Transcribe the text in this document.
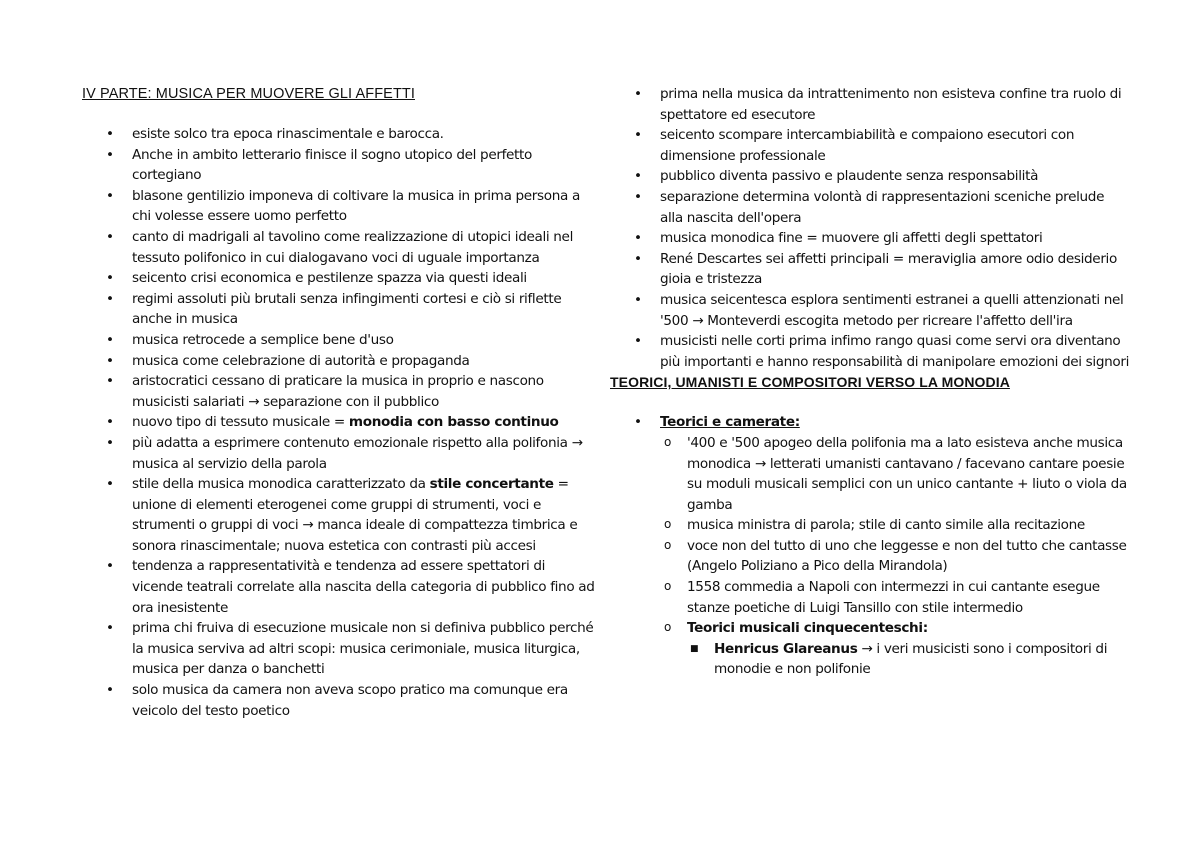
IV PARTE: MUSICA PER MUOVERE GLI AFFETTI
• esiste solco tra epoca rinascimentale e barocca.
• Anche in ambito letterario finisce il sogno utopico del perfetto cortegiano
• blasone gentilizio imponeva di coltivare la musica in prima persona a chi volesse essere uomo perfetto
• canto di madrigali al tavolino come realizzazione di utopici ideali nel tessuto polifonico in cui dialogavano voci di uguale importanza
• seicento crisi economica e pestilenze spazza via questi ideali
• regimi assoluti più brutali senza infingimenti cortesi e ciò si riflette anche in musica
• musica retrocede a semplice bene d'uso
• musica come celebrazione di autorità e propaganda
• aristocratici cessano di praticare la musica in proprio e nascono musicisti salariati → separazione con il pubblico
• nuovo tipo di tessuto musicale = monodia con basso continuo
• più adatta a esprimere contenuto emozionale rispetto alla polifonia → musica al servizio della parola
• stile della musica monodica caratterizzato da stile concertante = unione di elementi eterogenei come gruppi di strumenti, voci e strumenti o gruppi di voci → manca ideale di compattezza timbrica e sonora rinascimentale; nuova estetica con contrasti più accesi
• tendenza a rappresentatività e tendenza ad essere spettatori di vicende teatrali correlate alla nascita della categoria di pubblico fino ad ora inesistente
• prima chi fruiva di esecuzione musicale non si definiva pubblico perché la musica serviva ad altri scopi: musica cerimoniale, musica liturgica, musica per danza o banchetti
• solo musica da camera non aveva scopo pratico ma comunque era veicolo del testo poetico
• prima nella musica da intrattenimento non esisteva confine tra ruolo di spettatore ed esecutore
• seicento scompare intercambiabilità e compaiono esecutori con dimensione professionale
• pubblico diventa passivo e plaudente senza responsabilità
• separazione determina volontà di rappresentazioni sceniche prelude alla nascita dell'opera
• musica monodica fine = muovere gli affetti degli spettatori
• René Descartes sei affetti principali = meraviglia amore odio desiderio gioia e tristezza
• musica seicentesca esplora sentimenti estranei a quelli attenzionati nel '500 → Monteverdi escogita metodo per ricreare l'affetto dell'ira
• musicisti nelle corti prima infimo rango quasi come servi ora diventano più importanti e hanno responsabilità di manipolare emozioni dei signori
TEORICI, UMANISTI E COMPOSITORI VERSO LA MONODIA
• Teorici e camerate:
o '400 e '500 apogeo della polifonia ma a lato esisteva anche musica monodica → letterati umanisti cantavano / facevano cantare poesie su moduli musicali semplici con un unico cantante + liuto o viola da gamba
o musica ministra di parola; stile di canto simile alla recitazione
o voce non del tutto di uno che leggesse e non del tutto che cantasse (Angelo Poliziano a Pico della Mirandola)
o 1558 commedia a Napoli con intermezzi in cui cantante esegue stanze poetiche di Luigi Tansillo con stile intermedio
o Teorici musicali cinquecenteschi:
■ Henricus Glareanus → i veri musicisti sono i compositori di monodie e non polifonie
